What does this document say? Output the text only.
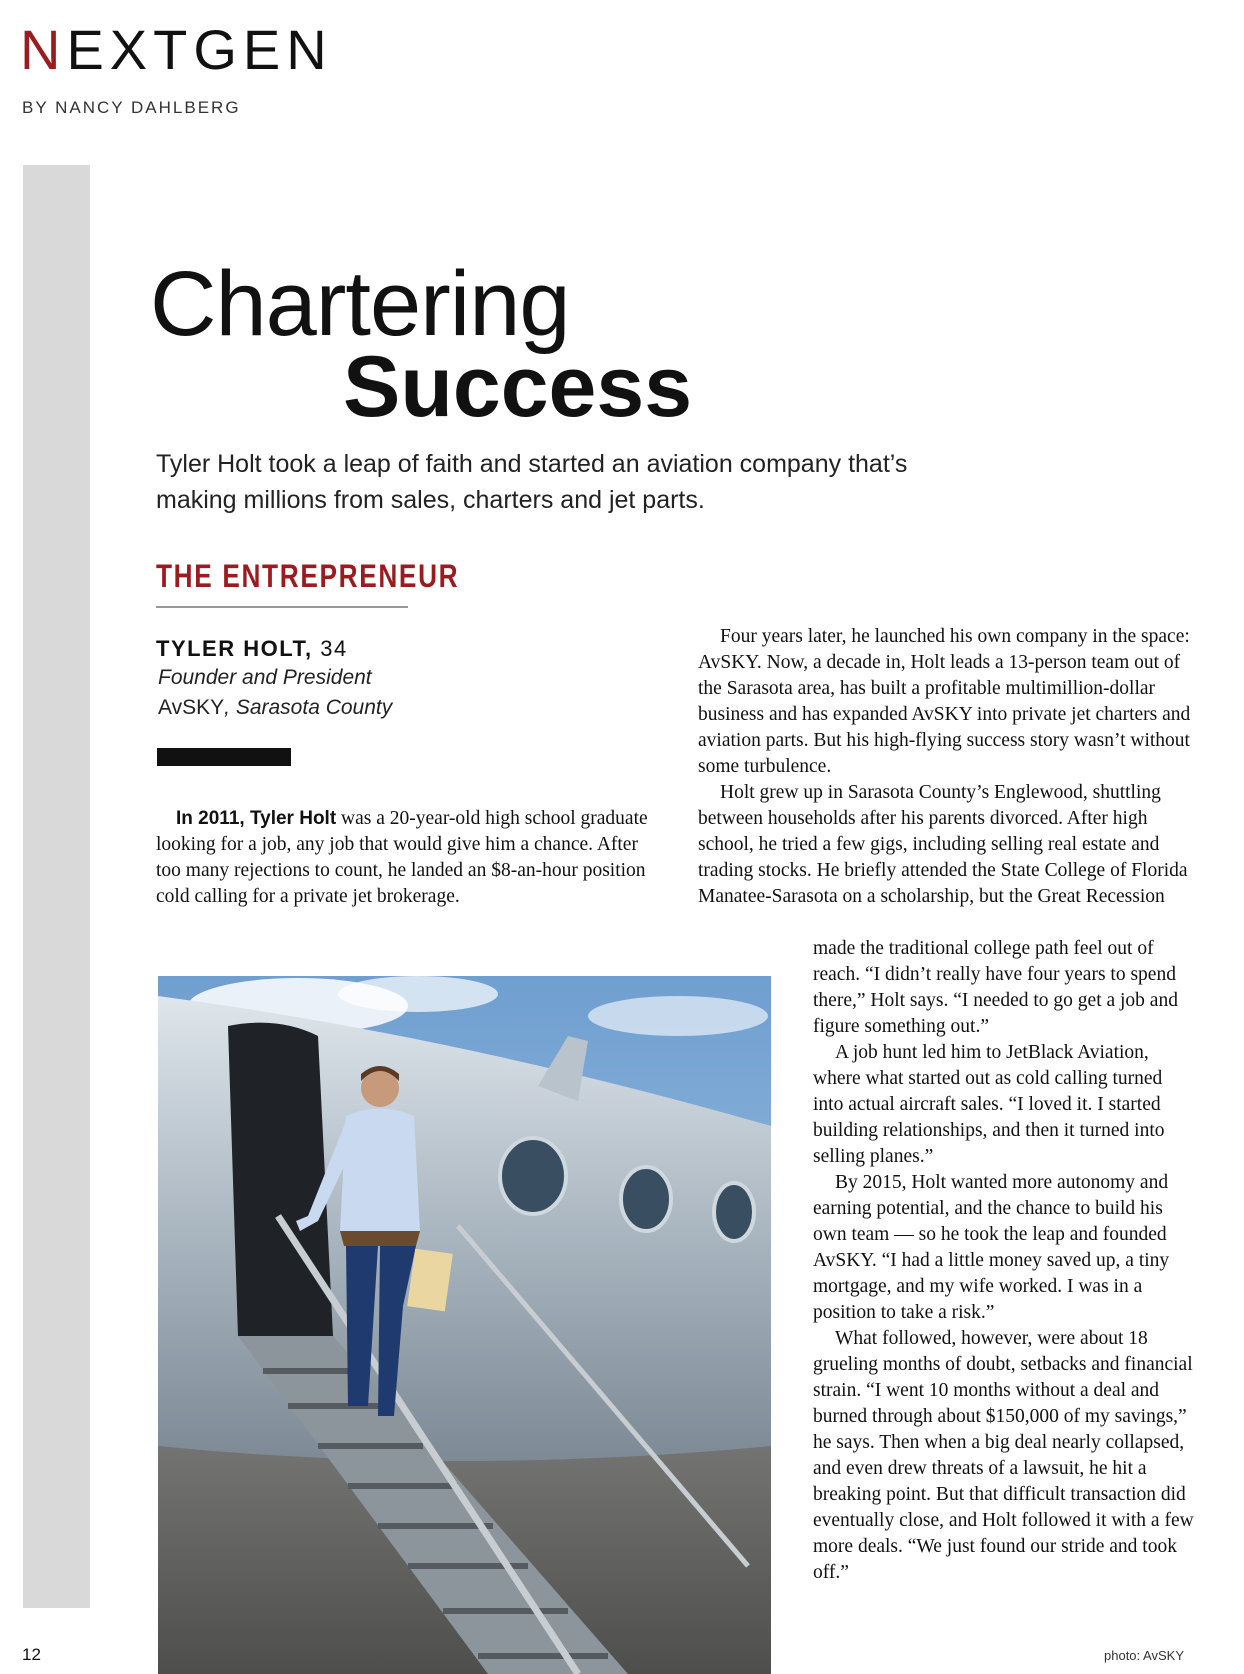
NEXTGEN
BY NANCY DAHLBERG
Chartering
Success
Tyler Holt took a leap of faith and started an aviation company that’s making millions from sales, charters and jet parts.
THE ENTREPRENEUR
TYLER HOLT, 34
Founder and President
AvSKY, Sarasota County
In 2011, Tyler Holt was a 20-year-old high school graduate looking for a job, any job that would give him a chance. After too many rejections to count, he landed an $8-an-hour position cold calling for a private jet brokerage.

Four years later, he launched his own company in the space: AvSKY. Now, a decade in, Holt leads a 13-person team out of the Sarasota area, has built a profitable multimillion-dollar business and has expanded AvSKY into private jet charters and aviation parts. But his high-flying success story wasn’t without some turbulence.

Holt grew up in Sarasota County’s Englewood, shuttling between households after his parents divorced. After high school, he tried a few gigs, including selling real estate and trading stocks. He briefly attended the State College of Florida Manatee-Sarasota on a scholarship, but the Great Recession

made the traditional college path feel out of reach. “I didn’t really have four years to spend there,” Holt says. “I needed to go get a job and figure something out.”

A job hunt led him to JetBlack Aviation, where what started out as cold calling turned into actual aircraft sales. “I loved it. I started building relationships, and then it turned into selling planes.”

By 2015, Holt wanted more autonomy and earning potential, and the chance to build his own team — so he took the leap and founded AvSKY. “I had a little money saved up, a tiny mortgage, and my wife worked. I was in a position to take a risk.”

What followed, however, were about 18 grueling months of doubt, setbacks and financial strain. “I went 10 months without a deal and burned through about $150,000 of my savings,” he says. Then when a big deal nearly collapsed, and even drew threats of a lawsuit, he hit a breaking point. But that difficult transaction did eventually close, and Holt followed it with a few more deals. “We just found our stride and took off.”

12	photo: AvSKY
